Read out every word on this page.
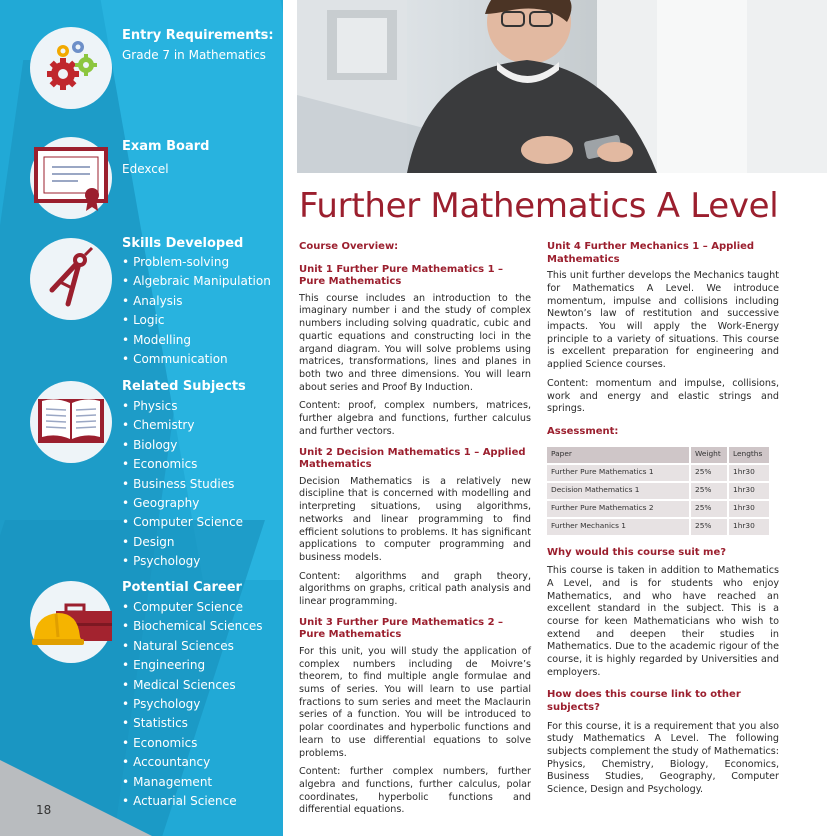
Entry Requirements:
Grade 7 in Mathematics
Exam Board
Edexcel
Skills Developed
• Problem-solving
• Algebraic Manipulation
• Analysis
• Logic
• Modelling
• Communication
Related Subjects
• Physics
• Chemistry
• Biology
• Economics
• Business Studies
• Geography
• Computer Science
• Design
• Psychology
Potential Career
• Computer Science
• Biochemical Sciences
• Natural Sciences
• Engineering
• Medical Sciences
• Psychology
• Statistics
• Economics
• Accountancy
• Management
• Actuarial Science
18
Further Mathematics A Level
Course Overview:
Unit 1 Further Pure Mathematics 1 – Pure Mathematics
This course includes an introduction to the imaginary number i and the study of complex numbers including solving quadratic, cubic and quartic equations and constructing loci in the argand diagram. You will solve problems using matrices, transformations, lines and planes in both two and three dimensions. You will learn about series and Proof By Induction.
Content: proof, complex numbers, matrices, further algebra and functions, further calculus and further vectors.
Unit 2 Decision Mathematics 1 – Applied Mathematics
Decision Mathematics is a relatively new discipline that is concerned with modelling and interpreting situations, using algorithms, networks and linear programming to find efficient solutions to problems. It has significant applications to computer programming and business models.
Content: algorithms and graph theory, algorithms on graphs, critical path analysis and linear programming.
Unit 3 Further Pure Mathematics 2 – Pure Mathematics
For this unit, you will study the application of complex numbers including de Moivre’s theorem, to find multiple angle formulae and sums of series. You will learn to use partial fractions to sum series and meet the Maclaurin series of a function. You will be introduced to polar coordinates and hyperbolic functions and learn to use differential equations to solve problems.
Content: further complex numbers, further algebra and functions, further calculus, polar coordinates, hyperbolic functions and differential equations.
Unit 4 Further Mechanics 1 – Applied Mathematics
This unit further develops the Mechanics taught for Mathematics A Level. We introduce momentum, impulse and collisions including Newton’s law of restitution and successive impacts. You will apply the Work-Energy principle to a variety of situations. This course is excellent preparation for engineering and applied Science courses.
Content: momentum and impulse, collisions, work and energy and elastic strings and springs.
Assessment:
Paper	Weight	Lengths
Further Pure Mathematics 1	25%	1hr30
Decision Mathematics 1	25%	1hr30
Further Pure Mathematics 2	25%	1hr30
Further Mechanics 1	25%	1hr30
Why would this course suit me?
This course is taken in addition to Mathematics A Level, and is for students who enjoy Mathematics, and who have reached an excellent standard in the subject. This is a course for keen Mathematicians who wish to extend and deepen their studies in Mathematics. Due to the academic rigour of the course, it is highly regarded by Universities and employers.
How does this course link to other subjects?
For this course, it is a requirement that you also study Mathematics A Level. The following subjects complement the study of Mathematics: Physics, Chemistry, Biology, Economics, Business Studies, Geography, Computer Science, Design and Psychology.
